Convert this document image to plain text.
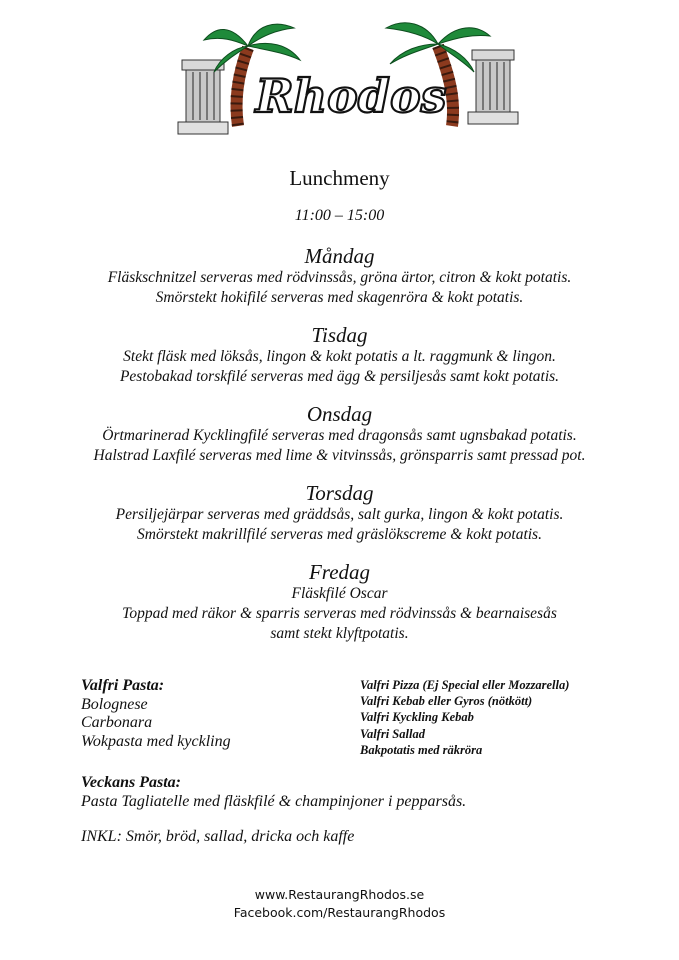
Rhodos
Lunchmeny
11:00 – 15:00
Måndag
Fläskschnitzel serveras med rödvinssås, gröna ärtor, citron & kokt potatis.
Smörstekt hokifilé serveras med skagenröra & kokt potatis.
Tisdag
Stekt fläsk med löksås, lingon & kokt potatis a lt. raggmunk & lingon.
Pestobakad torskfilé serveras med ägg & persiljesås samt kokt potatis.
Onsdag
Örtmarinerad Kycklingfilé serveras med dragonsås samt ugnsbakad potatis.
Halstrad Laxfilé serveras med lime & vitvinssås, grönsparris samt pressad pot.
Torsdag
Persiljejärpar serveras med gräddsås, salt gurka, lingon & kokt potatis.
Smörstekt makrillfilé serveras med gräslökscreme & kokt potatis.
Fredag
Fläskfilé Oscar
Toppad med räkor & sparris serveras med rödvinssås & bearnaisesås
samt stekt klyftpotatis.
Valfri Pasta:
Bolognese
Carbonara
Wokpasta med kyckling
Valfri Pizza (Ej Special eller Mozzarella)
Valfri Kebab eller Gyros (nötkött)
Valfri Kyckling Kebab
Valfri Sallad
Bakpotatis med räkröra
Veckans Pasta:
Pasta Tagliatelle med fläskfilé & champinjoner i pepparsås.
INKL: Smör, bröd, sallad, dricka och kaffe
www.RestaurangRhodos.se
Facebook.com/RestaurangRhodos
